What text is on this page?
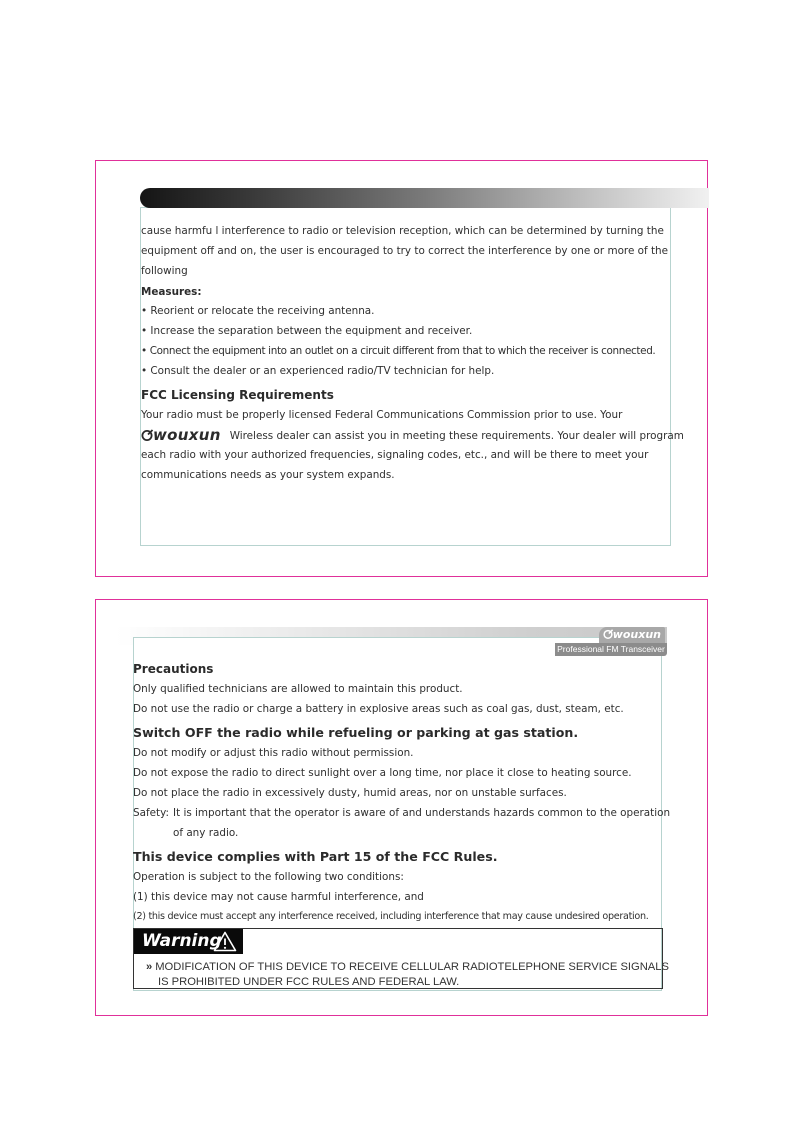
cause harmfu l interference to radio or television reception, which can be determined by turning the
equipment off and on, the user is encouraged to try to correct the interference by one or more of the
following
Measures:
• Reorient or relocate the receiving antenna.
• Increase the separation between the equipment and receiver.
• Connect the equipment into an outlet on a circuit different from that to which the receiver is connected.
• Consult the dealer or an experienced radio/TV technician for help.
FCC Licensing Requirements
Your radio must be properly licensed Federal Communications Commission prior to use. Your
wouxun Wireless dealer can assist you in meeting these requirements. Your dealer will program
each radio with your authorized frequencies, signaling codes, etc., and will be there to meet your
communications needs as your system expands.
wouxun
Professional FM Transceiver
Precautions
Only qualified technicians are allowed to maintain this product.
Do not use the radio or charge a battery in explosive areas such as coal gas, dust, steam, etc.
Switch OFF the radio while refueling or parking at gas station.
Do not modify or adjust this radio without permission.
Do not expose the radio to direct sunlight over a long time, nor place it close to heating source.
Do not place the radio in excessively dusty, humid areas, nor on unstable surfaces.
Safety: It is important that the operator is aware of and understands hazards common to the operation
of any radio.
This device complies with Part 15 of the FCC Rules.
Operation is subject to the following two conditions:
(1) this device may not cause harmful interference, and
(2) this device must accept any interference received, including interference that may cause undesired operation.
Warning
» MODIFICATION OF THIS DEVICE TO RECEIVE CELLULAR RADIOTELEPHONE SERVICE SIGNALS
IS PROHIBITED UNDER FCC RULES AND FEDERAL LAW.
